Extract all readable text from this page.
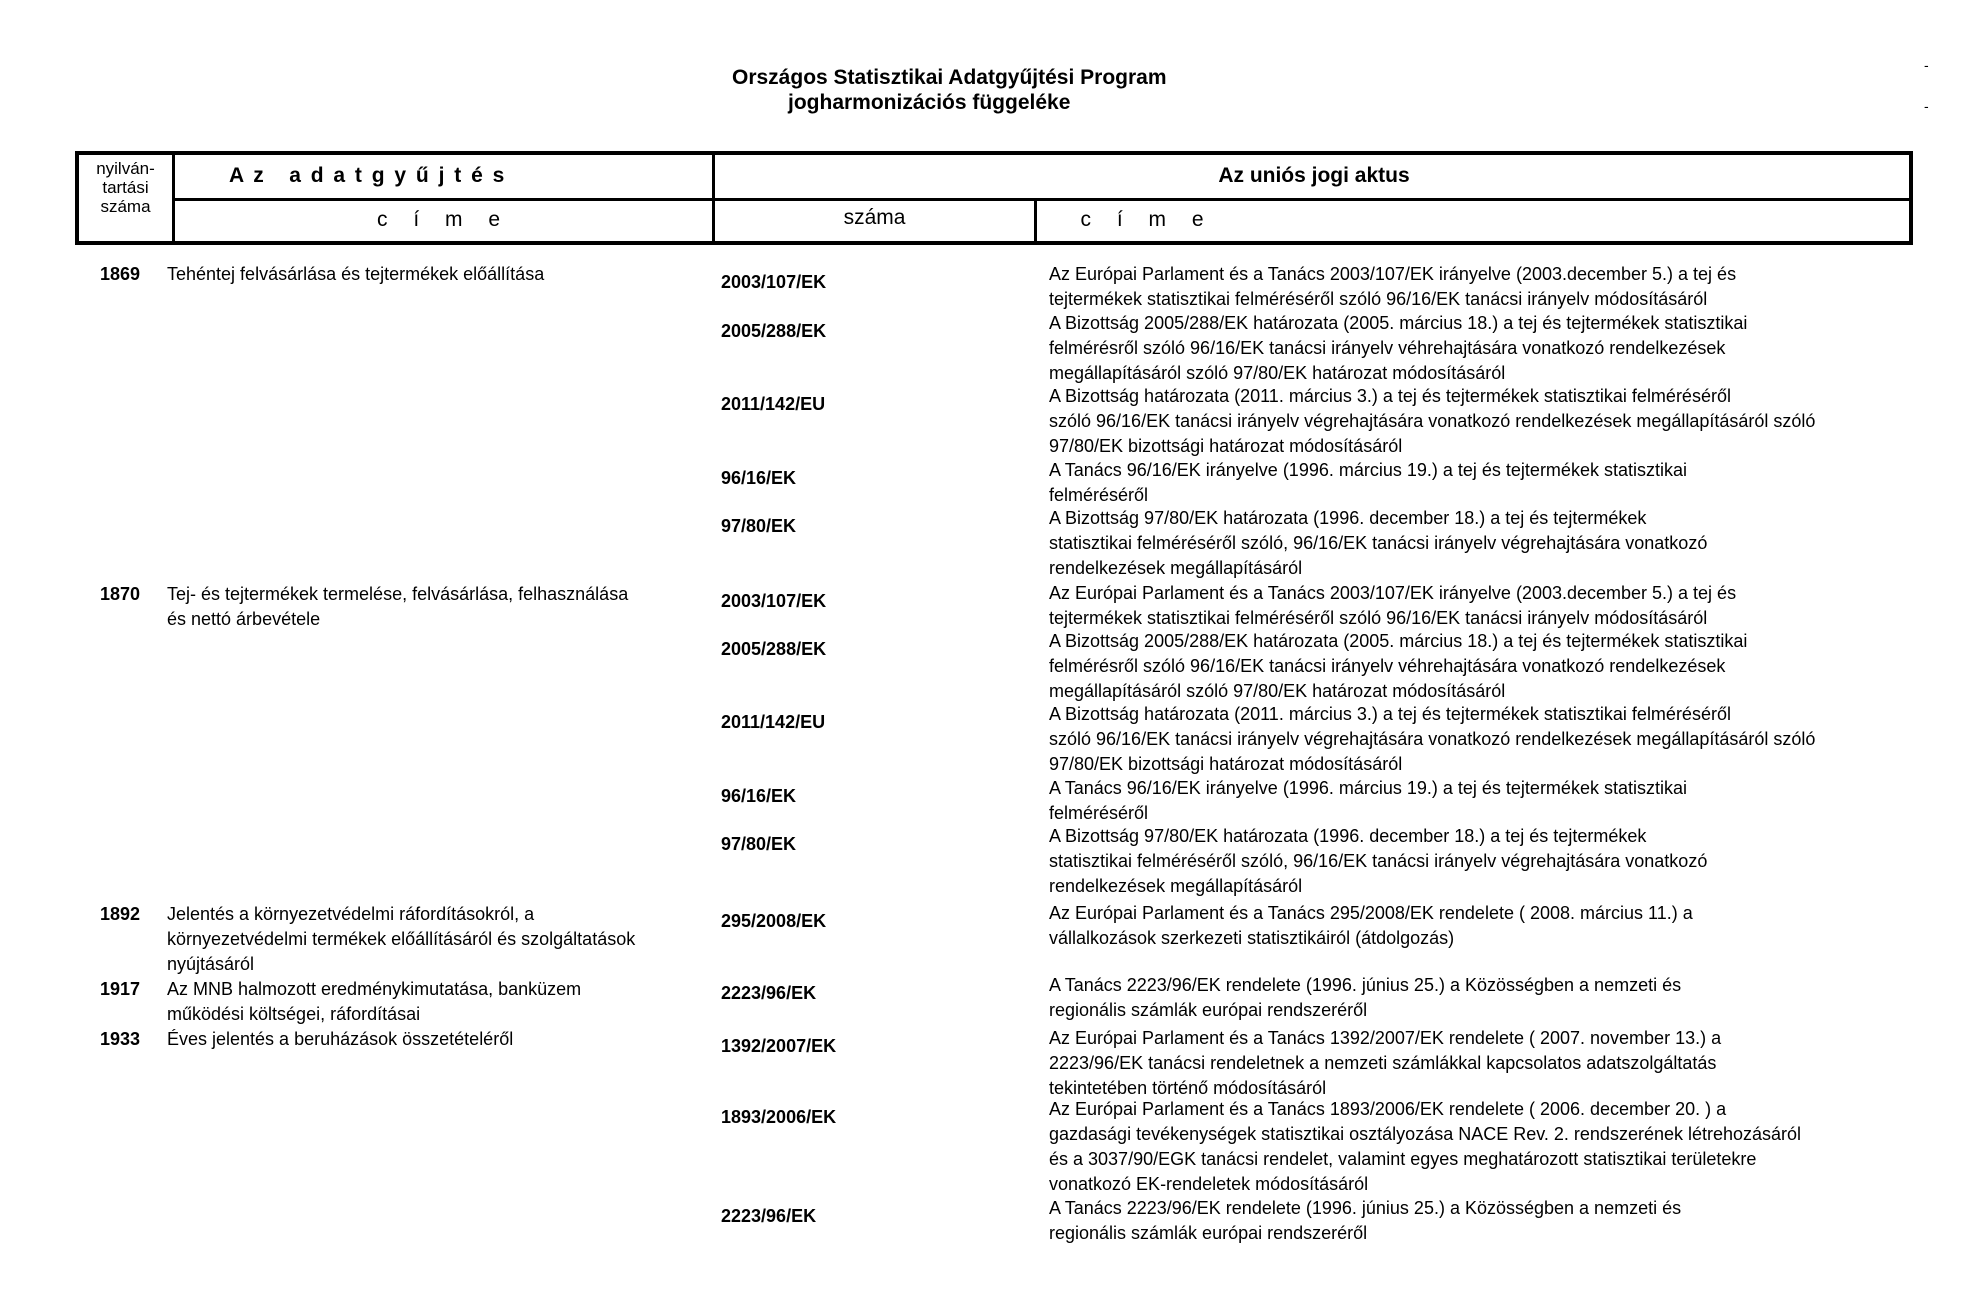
Országos Statisztikai Adatgyűjtési Program
jogharmonizációs függeléke
-
-
nyilván-
tartási
száma
A z   a d a t g y ű j t é s
c í m e
Az uniós jogi aktus
száma	c í m e
1869 Tehéntej felvásárlása és tejtermékek előállítása	2003/107/EK	Az Európai Parlament és a Tanács 2003/107/EK irányelve (2003.december 5.) a tej és
tejtermékek statisztikai felméréséről szóló 96/16/EK tanácsi irányelv módosításáról
2005/288/EK	A Bizottság 2005/288/EK határozata (2005. március 18.) a tej és tejtermékek statisztikai
felmérésről szóló 96/16/EK tanácsi irányelv véhrehajtására vonatkozó rendelkezések
megállapításáról szóló 97/80/EK határozat módosításáról
2011/142/EU	A Bizottság határozata (2011. március 3.) a tej és tejtermékek statisztikai felméréséről
szóló 96/16/EK tanácsi irányelv végrehajtására vonatkozó rendelkezések megállapításáról szóló
97/80/EK bizottsági határozat módosításáról
96/16/EK	A Tanács 96/16/EK irányelve (1996. március 19.) a tej és tejtermékek statisztikai
felméréséről
97/80/EK	A Bizottság 97/80/EK határozata (1996. december 18.) a tej és tejtermékek
statisztikai felméréséről szóló, 96/16/EK tanácsi irányelv végrehajtására vonatkozó
rendelkezések megállapításáról
1870 Tej- és tejtermékek termelése, felvásárlása, felhasználása
és nettó árbevétele
2003/107/EK	Az Európai Parlament és a Tanács 2003/107/EK irányelve (2003.december 5.) a tej és
tejtermékek statisztikai felméréséről szóló 96/16/EK tanácsi irányelv módosításáról
2005/288/EK	A Bizottság 2005/288/EK határozata (2005. március 18.) a tej és tejtermékek statisztikai
felmérésről szóló 96/16/EK tanácsi irányelv véhrehajtására vonatkozó rendelkezések
megállapításáról szóló 97/80/EK határozat módosításáról
2011/142/EU	A Bizottság határozata (2011. március 3.) a tej és tejtermékek statisztikai felméréséről
szóló 96/16/EK tanácsi irányelv végrehajtására vonatkozó rendelkezések megállapításáról szóló
97/80/EK bizottsági határozat módosításáról
96/16/EK	A Tanács 96/16/EK irányelve (1996. március 19.) a tej és tejtermékek statisztikai
felméréséről
97/80/EK	A Bizottság 97/80/EK határozata (1996. december 18.) a tej és tejtermékek
statisztikai felméréséről szóló, 96/16/EK tanácsi irányelv végrehajtására vonatkozó
rendelkezések megállapításáról
1892 Jelentés a környezetvédelmi ráfordításokról, a
környezetvédelmi termékek előállításáról és szolgáltatások
nyújtásáról
295/2008/EK	Az Európai Parlament és a Tanács 295/2008/EK rendelete ( 2008. március 11.) a
vállalkozások szerkezeti statisztikáiról (átdolgozás)
1917 Az MNB halmozott eredménykimutatása, banküzem
működési költségei, ráfordításai
2223/96/EK	A Tanács 2223/96/EK rendelete (1996. június 25.) a Közösségben a nemzeti és
regionális számlák európai rendszeréről
1933 Éves jelentés a beruházások összetételéről	1392/2007/EK	Az Európai Parlament és a Tanács 1392/2007/EK rendelete ( 2007. november 13.) a
2223/96/EK tanácsi rendeletnek a nemzeti számlákkal kapcsolatos adatszolgáltatás
tekintetében történő módosításáról
1893/2006/EK	Az Európai Parlament és a Tanács 1893/2006/EK rendelete ( 2006. december 20. ) a
gazdasági tevékenységek statisztikai osztályozása NACE Rev. 2. rendszerének létrehozásáról
és a 3037/90/EGK tanácsi rendelet, valamint egyes meghatározott statisztikai területekre
vonatkozó EK-rendeletek módosításáról
2223/96/EK	A Tanács 2223/96/EK rendelete (1996. június 25.) a Közösségben a nemzeti és
regionális számlák európai rendszeréről
